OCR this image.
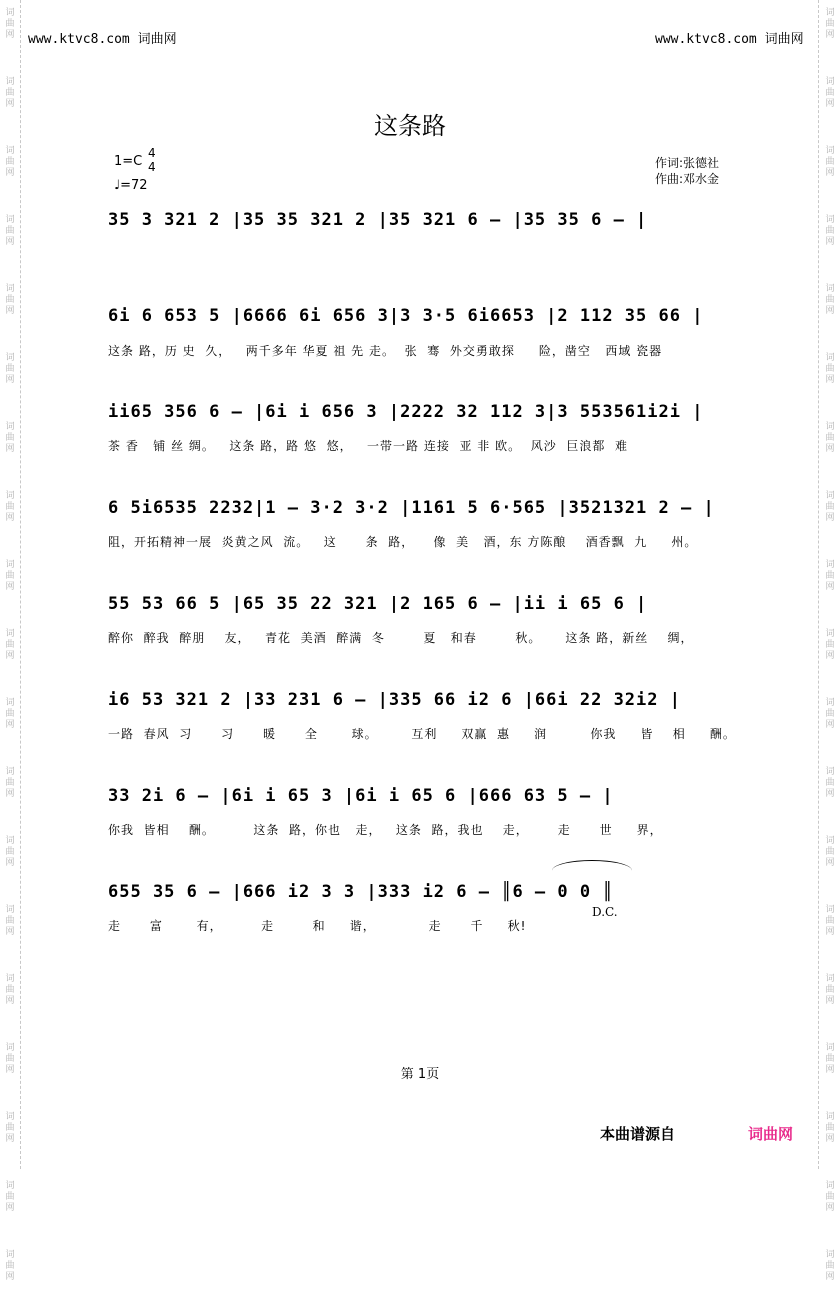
词
曲
网
词
曲
网
词
曲
网
词
曲
网
词
曲
网
词
曲
网
词
曲
网
词
曲
网
词
曲
网
词
曲
网
词
曲
网
词
曲
网
词
曲
网
词
曲
网
词
曲
网
词
曲
网
词
曲
网
词
曲
网
词
曲
网
词
曲
网
词
曲
网
词
曲
网
词
曲
网
词
曲
网
词
曲
网
词
曲
网
词
曲
网
词
曲
网
词
曲
网
词
曲
网
词
曲
网
词
曲
网
词
曲
网
词
曲
网
词
曲
网
词
曲
网
词
曲
网
词
曲
网
www.ktvc8.com 词曲网	www.ktvc8.com 词曲网
这条路
1=C
4
4
♩=72
作词:张德社
作曲:邓水金
35 3 321 2 |35 35 321 2 |35 321 6 – |35 35 6 – |
6i 6 653 5 |6666 6i 656 3|3 3·5 6i6653 |2 112 35 66 |
这条 路，历 史  久，   两千多年 华夏 祖 先 走。  张  骞  外交勇敢探     险，凿空   西域 瓷器
ii65 356 6 – |6i i 656 3 |2222 32 112 3|3 553561i2i |
茶 香   铺 丝 绸。   这条 路，路 悠  悠，   一带一路 连接  亚 非 欧。  风沙  巨浪都  难
6 5i6535 2232|1 – 3·2 3·2 |1161 5 6·565 |3521321 2 – |
阻，开拓精神一展  炎黄之风  流。   这      条  路，    像  美   酒，东 方陈酿    酒香飘  九     州。
55 53 66 5 |65 35 22 321 |2 165 6 – |ii i 65 6 |
醉你  醉我  醉朋    友，   青花  美酒  醉满  冬        夏   和春        秋。     这条 路，新丝    绸，
i6 53 321 2 |33 231 6 – |335 66 i2 6 |66i 22 32i2 |
一路  春风  习      习      暖      全       球。       互利     双赢  惠     润         你我     皆    相     酬。
33 2i 6 – |6i i 65 3 |6i i 65 6 |666 63 5 – |
你我  皆相    酬。        这条  路，你也   走，   这条  路，我也    走，      走      世     界，
655 35 6 – |666 i2 3 3 |333 i2 6 – ║6 – 0 0 ║
走      富       有，        走        和     谐，           走      千     秋!
D.C.
第 1页
本曲谱源自	词曲网
